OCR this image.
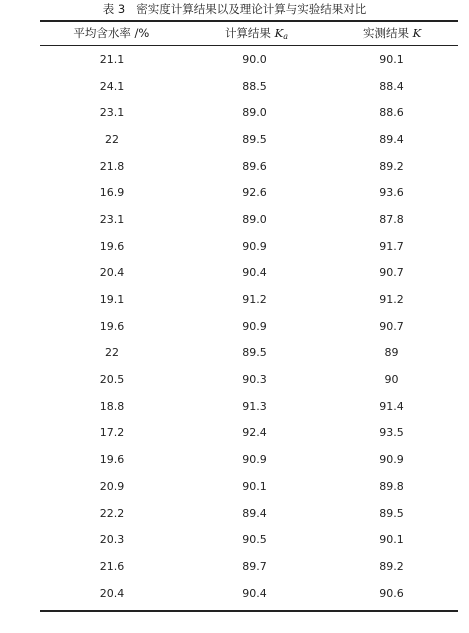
表 3   密实度计算结果以及理论计算与实验结果对比
平均含水率 /%	计算结果 $K_a$	实测结果 K
21.1	90.0	90.1
24.1	88.5	88.4
23.1	89.0	88.6
22	89.5	89.4
21.8	89.6	89.2
16.9	92.6	93.6
23.1	89.0	87.8
19.6	90.9	91.7
20.4	90.4	90.7
19.1	91.2	91.2
19.6	90.9	90.7
22	89.5	89
20.5	90.3	90
18.8	91.3	91.4
17.2	92.4	93.5
19.6	90.9	90.9
20.9	90.1	89.8
22.2	89.4	89.5
20.3	90.5	90.1
21.6	89.7	89.2
20.4	90.4	90.6
